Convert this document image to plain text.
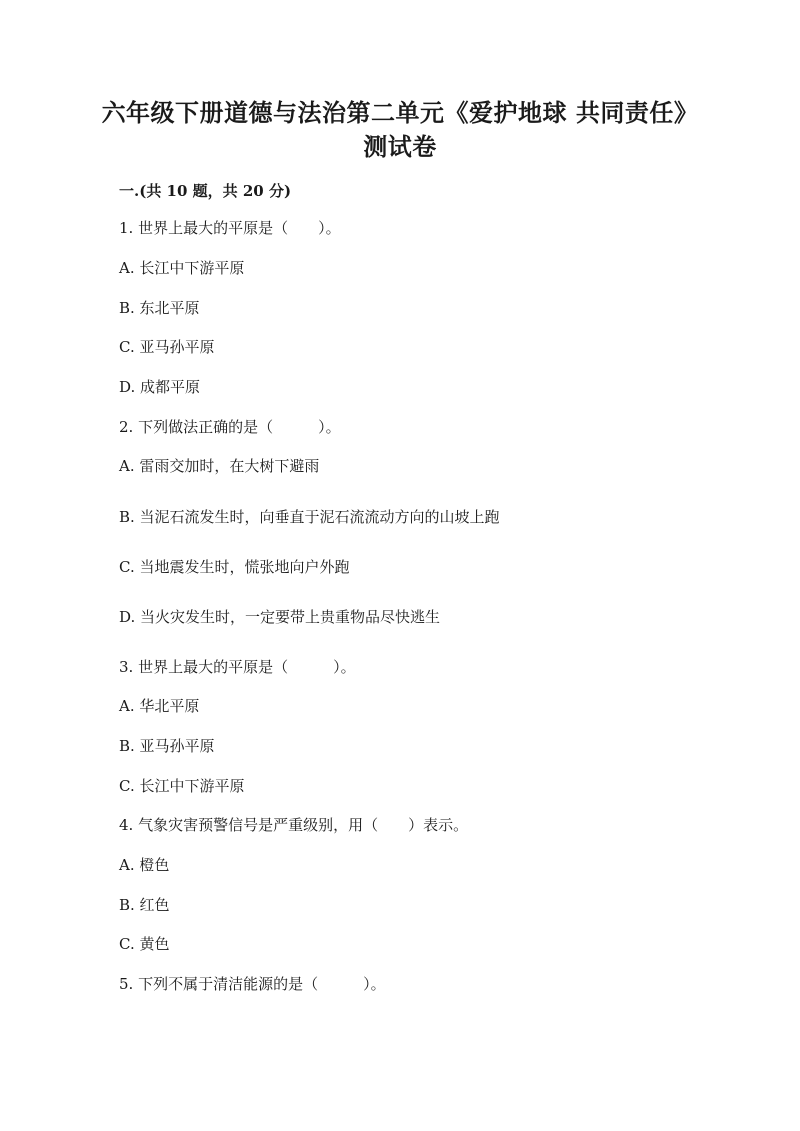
六年级下册道德与法治第二单元《爱护地球 共同责任》测试卷
一.(共 10 题，共 20 分)
1. 世界上最大的平原是（　　）。
A. 长江中下游平原
B. 东北平原
C. 亚马孙平原
D. 成都平原
2. 下列做法正确的是（　　　）。
A. 雷雨交加时，在大树下避雨
B. 当泥石流发生时，向垂直于泥石流流动方向的山坡上跑
C. 当地震发生时，慌张地向户外跑
D. 当火灾发生时，一定要带上贵重物品尽快逃生
3. 世界上最大的平原是（　　　）。
A. 华北平原
B. 亚马孙平原
C. 长江中下游平原
4. 气象灾害预警信号是严重级别，用（　　）表示。
A. 橙色
B. 红色
C. 黄色
5. 下列不属于清洁能源的是（　　　）。
